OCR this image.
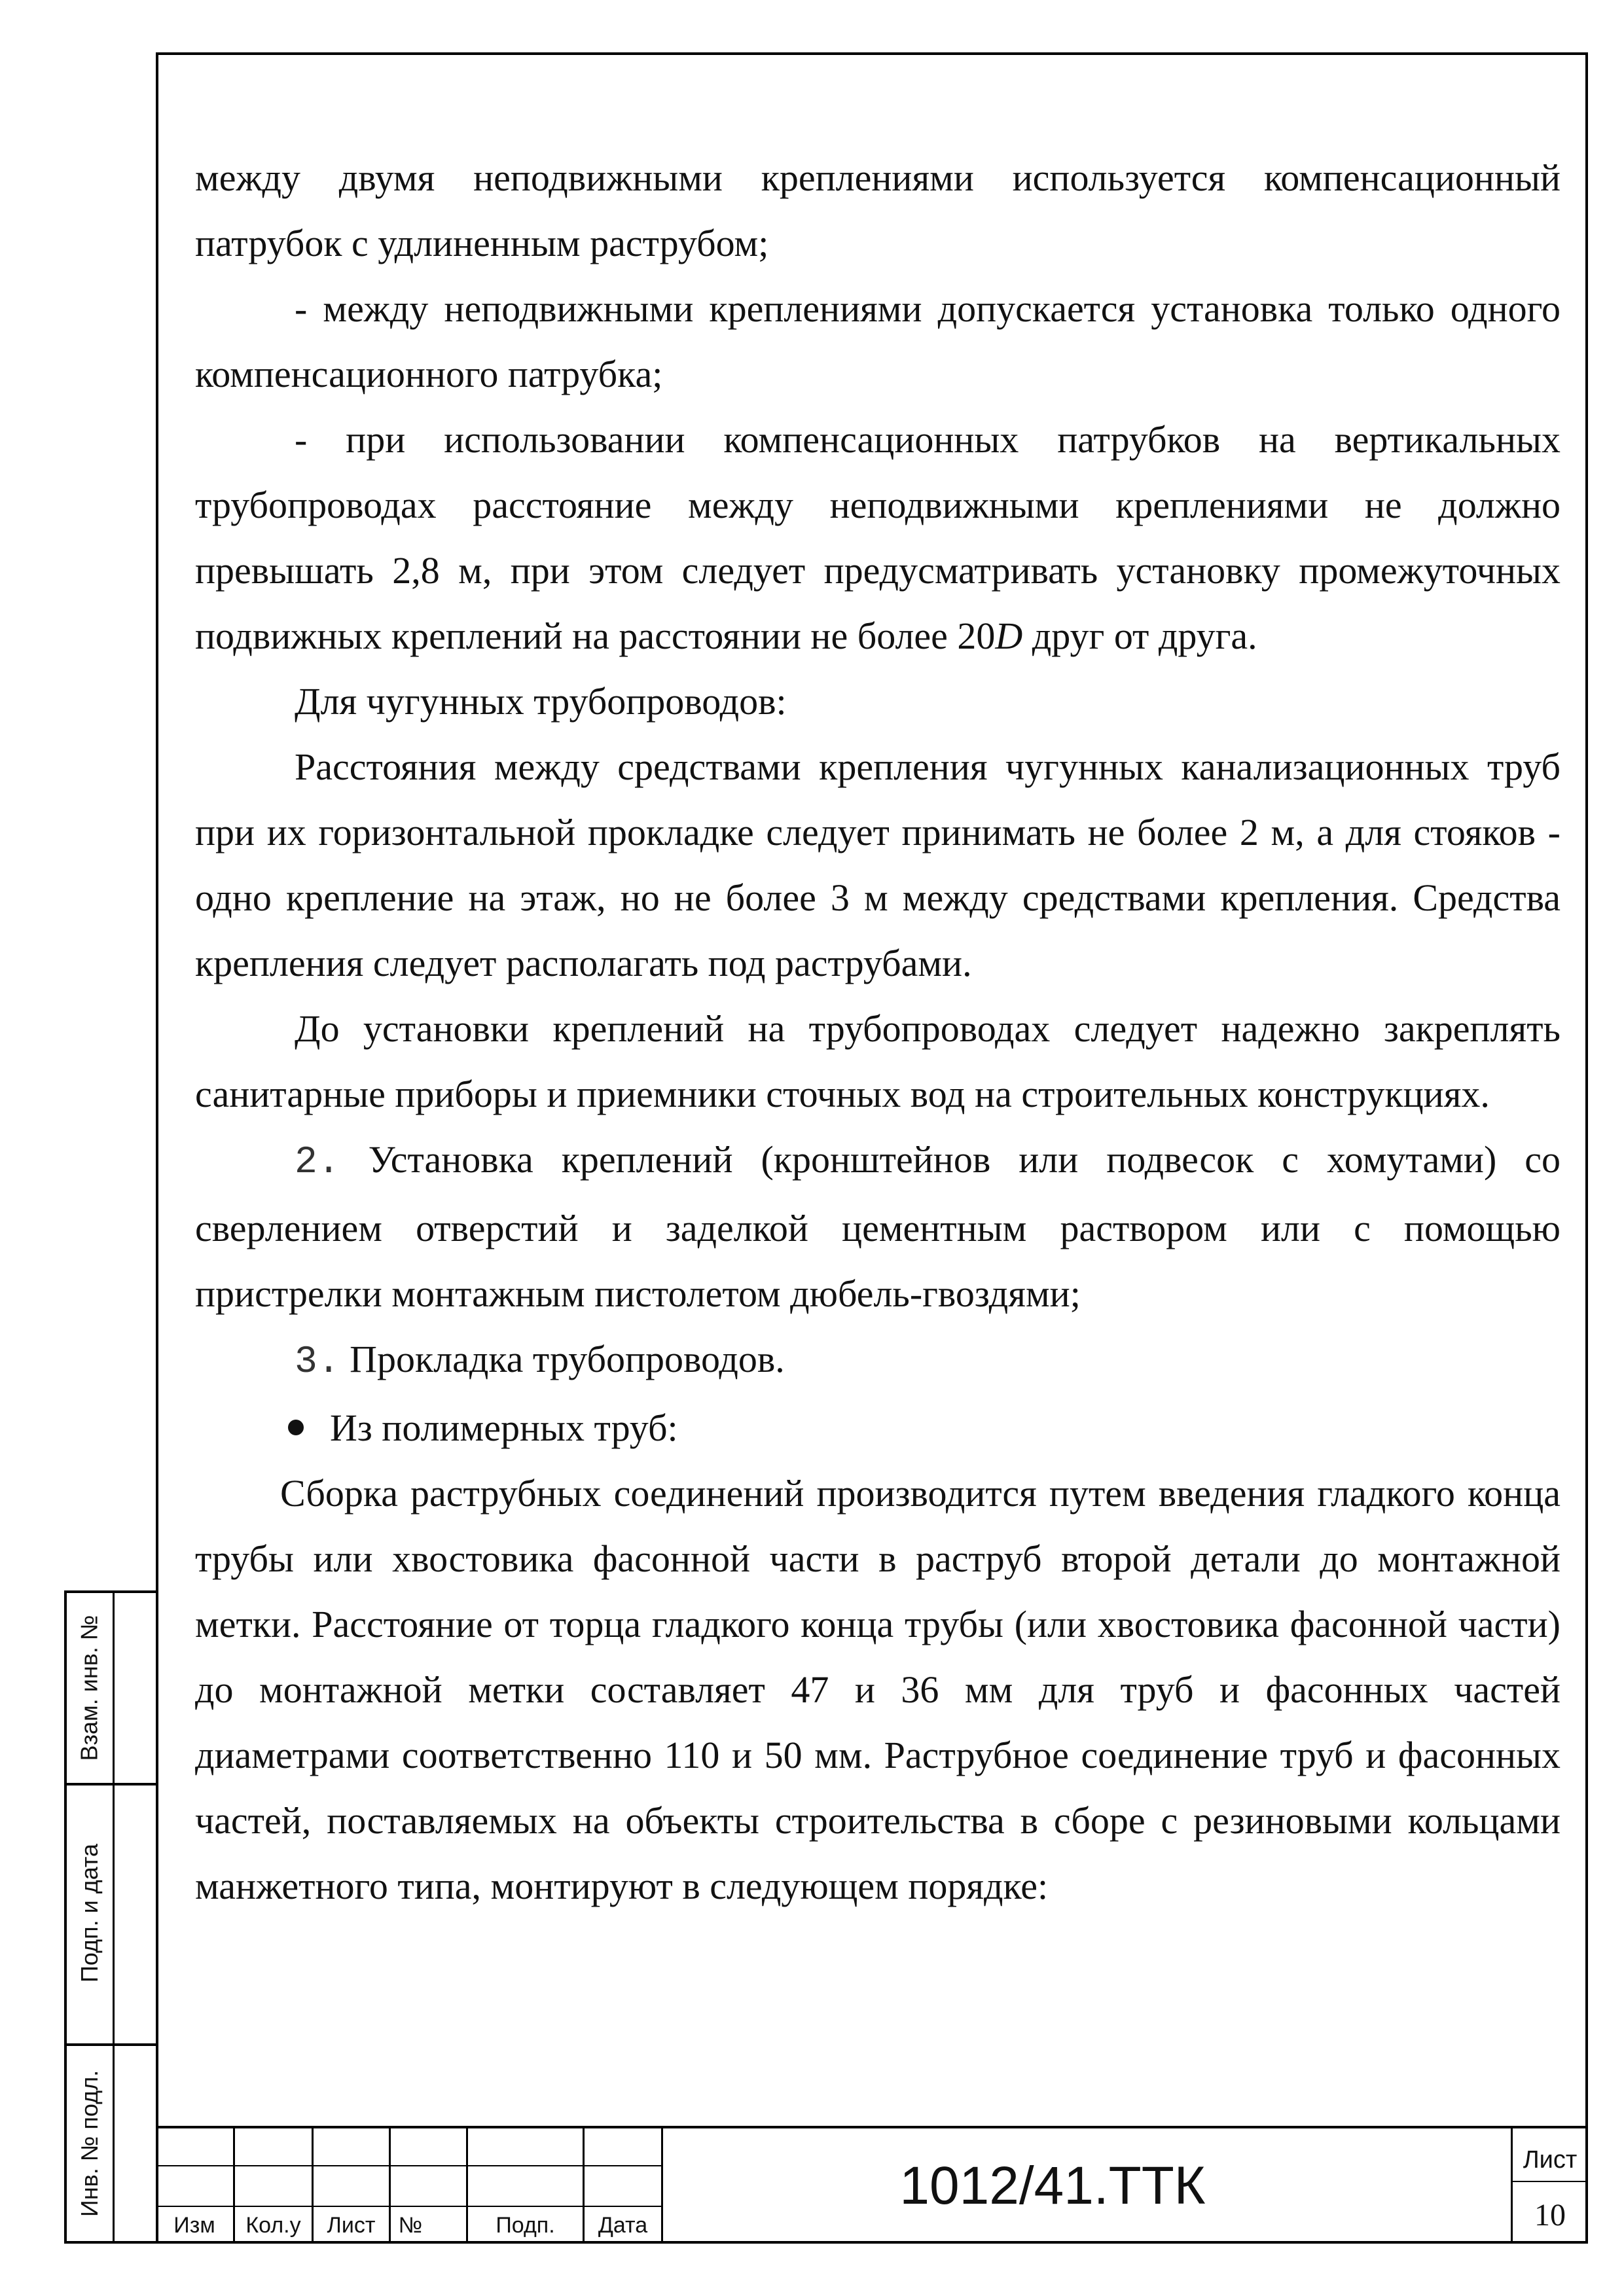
между двумя неподвижными креплениями используется компенсационный патрубок с удлиненным раструбом;

- между неподвижными креплениями допускается установка только одного компенсационного патрубка;

- при использовании компенсационных патрубков на вертикальных трубопроводах расстояние между неподвижными креплениями не должно превышать 2,8 м, при этом следует предусматривать установку промежуточных подвижных креплений на расстоянии не более 20D друг от друга.

Для чугунных трубопроводов:

Расстояния между средствами крепления чугунных канализационных труб при их горизонтальной прокладке следует принимать не более 2 м, а для стояков - одно крепление на этаж, но не более 3 м между средствами крепления. Средства крепления следует располагать под раструбами.

До установки креплений на трубопроводах следует надежно закреплять санитарные приборы и приемники сточных вод на строительных конструкциях.

2. Установка креплений (кронштейнов или подвесок с хомутами) со сверлением отверстий и заделкой цементным раствором или с помощью пристрелки монтажным пистолетом дюбель-гвоздями;

3. Прокладка трубопроводов.

Из полимерных труб:

Сборка раструбных соединений производится путем введения гладкого конца трубы или хвостовика фасонной части в раструб второй детали до монтажной метки. Расстояние от торца гладкого конца трубы (или хвостовика фасонной части) до монтажной метки составляет 47 и 36 мм для труб и фасонных частей диаметрами соответственно 110 и 50 мм. Раструбное соединение труб и фасонных частей, поставляемых на объекты строительства в сборе с резиновыми кольцами манжетного типа, монтируют в следующем порядке:

Взам. инв. №
Подп. и дата
Инв. № подл.
Изм	Кол.у	Лист	№	Подп.	Дата
1012/41.ТТК	Лист
10
